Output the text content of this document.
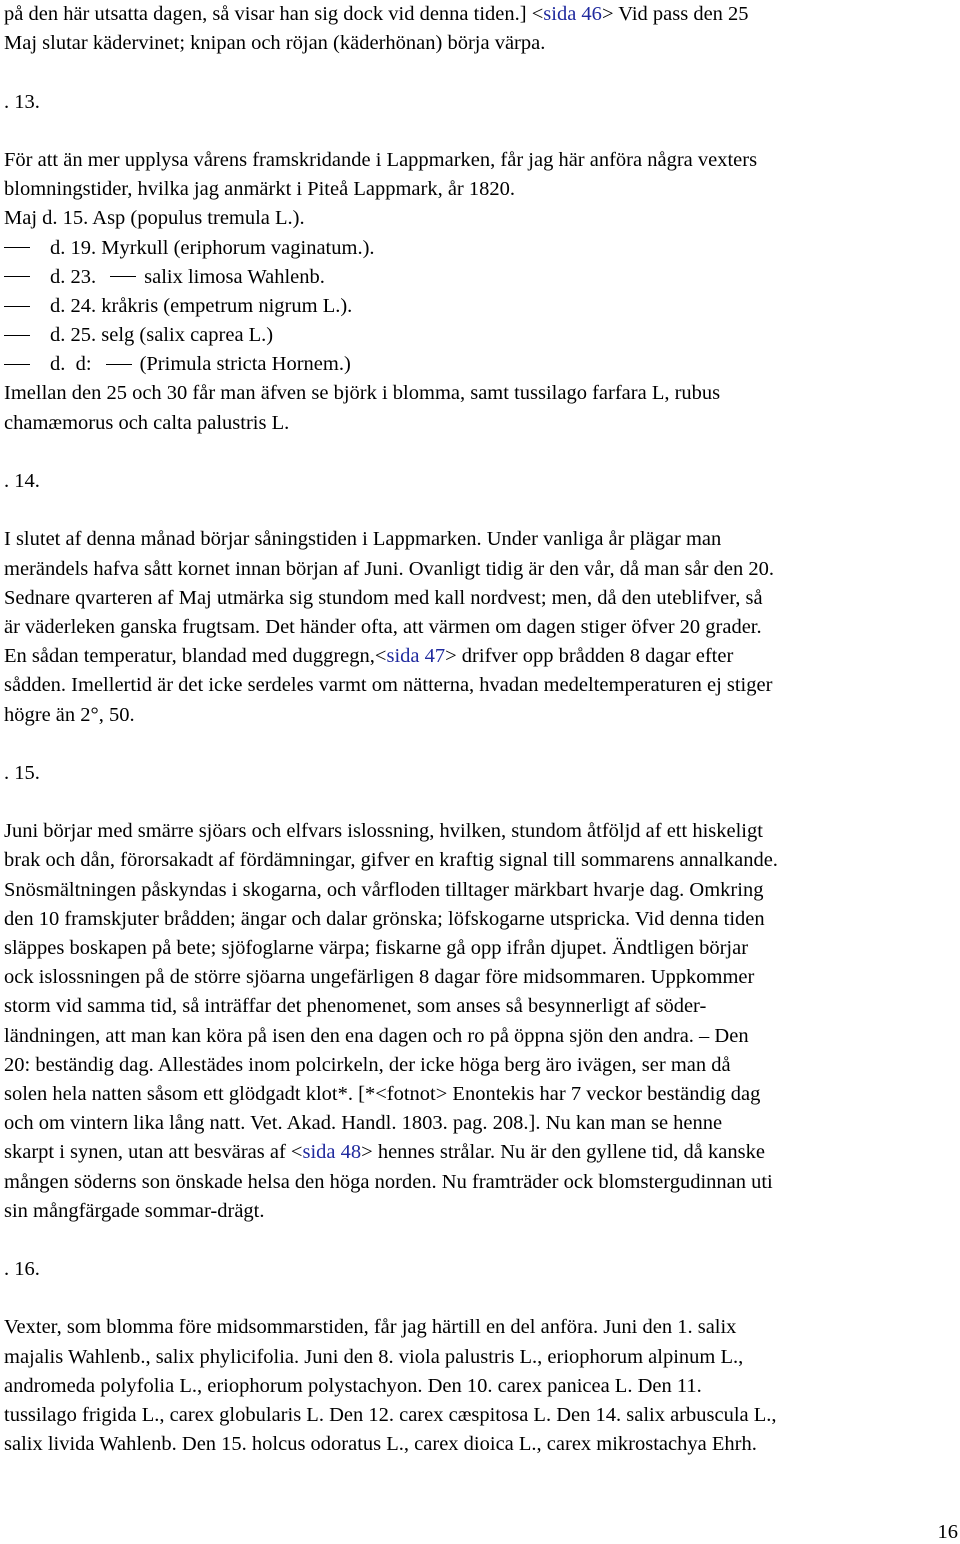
på den här utsatta dagen, så visar han sig dock vid denna tiden.] <sida 46> Vid pass den 25
Maj slutar kädervinet; knipan och röjan (käderhönan) börja värpa.
. 13.
För att än mer upplysa vårens framskridande i Lappmarken, får jag här anföra några vexters
blomningstider, hvilka jag anmärkt i Piteå Lappmark, år 1820.
Maj d. 15. Asp (populus tremula L.).
d. 19. Myrkull (eriphorum vaginatum.).
d. 23. salix limosa Wahlenb.
d. 24. kråkris (empetrum nigrum L.).
d. 25. selg (salix caprea L.)
d.  d: (Primula stricta Hornem.)
Imellan den 25 och 30 får man äfven se björk i blomma, samt tussilago farfara L, rubus
chamæmorus och calta palustris L.
. 14.
I slutet af denna månad börjar såningstiden i Lappmarken. Under vanliga år plägar man
merändels hafva sått kornet innan början af Juni. Ovanligt tidig är den vår, då man sår den 20.
Sednare qvarteren af Maj utmärka sig stundom med kall nordvest; men, då den uteblifver, så
är väderleken ganska frugtsam. Det händer ofta, att värmen om dagen stiger öfver 20 grader.
En sådan temperatur, blandad med duggregn,<sida 47> drifver opp brådden 8 dagar efter
sådden. Imellertid är det icke serdeles varmt om nätterna, hvadan medeltemperaturen ej stiger
högre än 2°, 50.
. 15.
Juni börjar med smärre sjöars och elfvars islossning, hvilken, stundom åtföljd af ett hiskeligt
brak och dån, förorsakadt af fördämningar, gifver en kraftig signal till sommarens annalkande.
Snösmältningen påskyndas i skogarna, och vårfloden tilltager märkbart hvarje dag. Omkring
den 10 framskjuter brådden; ängar och dalar grönska; löfskogarne utspricka. Vid denna tiden
släppes boskapen på bete; sjöfoglarne värpa; fiskarne gå opp ifrån djupet. Ändtligen börjar
ock islossningen på de större sjöarna ungefärligen 8 dagar före midsommaren. Uppkommer
storm vid samma tid, så inträffar det phenomenet, som anses så besynnerligt af söder-
ländningen, att man kan köra på isen den ena dagen och ro på öppna sjön den andra. – Den
20: beständig dag. Allestädes inom polcirkeln, der icke höga berg äro ivägen, ser man då
solen hela natten såsom ett glödgadt klot*. [*<fotnot> Enontekis har 7 veckor beständig dag
och om vintern lika lång natt. Vet. Akad. Handl. 1803. pag. 208.]. Nu kan man se henne
skarpt i synen, utan att besväras af <sida 48> hennes strålar. Nu är den gyllene tid, då kanske
mången söderns son önskade helsa den höga norden. Nu framträder ock blomstergudinnan uti
sin mångfärgade sommar-drägt.
. 16.
Vexter, som blomma före midsommarstiden, får jag härtill en del anföra. Juni den 1. salix
majalis Wahlenb., salix phylicifolia. Juni den 8. viola palustris L., eriophorum alpinum L.,
andromeda polyfolia L., eriophorum polystachyon. Den 10. carex panicea L. Den 11.
tussilago frigida L., carex globularis L. Den 12. carex cæspitosa L. Den 14. salix arbuscula L.,
salix livida Wahlenb. Den 15. holcus odoratus L., carex dioica L., carex mikrostachya Ehrh.
16
